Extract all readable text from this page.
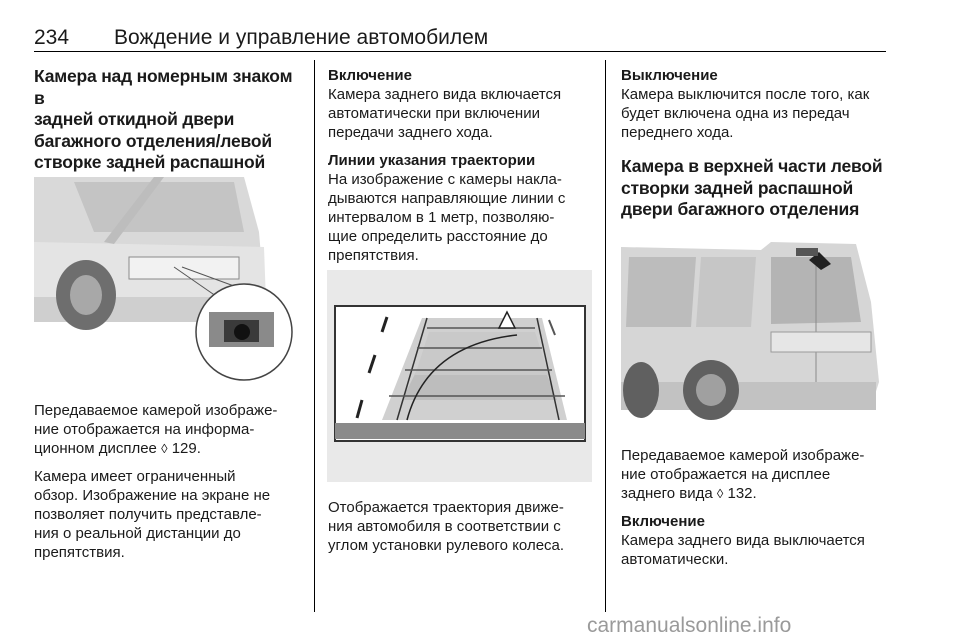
234 Вождение и управление автомобилем
Камера над номерным знаком в
задней откидной двери
багажного отделения/левой
створке задней распашной

Передаваемое камерой изображе-
ние отображается на информа-
ционном дисплее ◊ 129.

Камера имеет ограниченный
обзор. Изображение на экране не
позволяет получить представле-
ния о реальной дистанции до
препятствия.

Включение

Камера заднего вида включается
автоматически при включении
передачи заднего хода.

Линии указания траектории

На изображение с камеры накла-
дываются направляющие линии с
интервалом в 1 метр, позволяю-
щие определить расстояние до
препятствия.

Отображается траектория движе-
ния автомобиля в соответствии с
углом установки рулевого колеса.

Выключение

Камера выключится после того, как
будет включена одна из передач
переднего хода.

Камера в верхней части левой
створки задней распашной
двери багажного отделения

Передаваемое камерой изображе-
ние отображается на дисплее
заднего вида ◊ 132.

Включение

Камера заднего вида выключается
автоматически.

carmanualsonline.info
